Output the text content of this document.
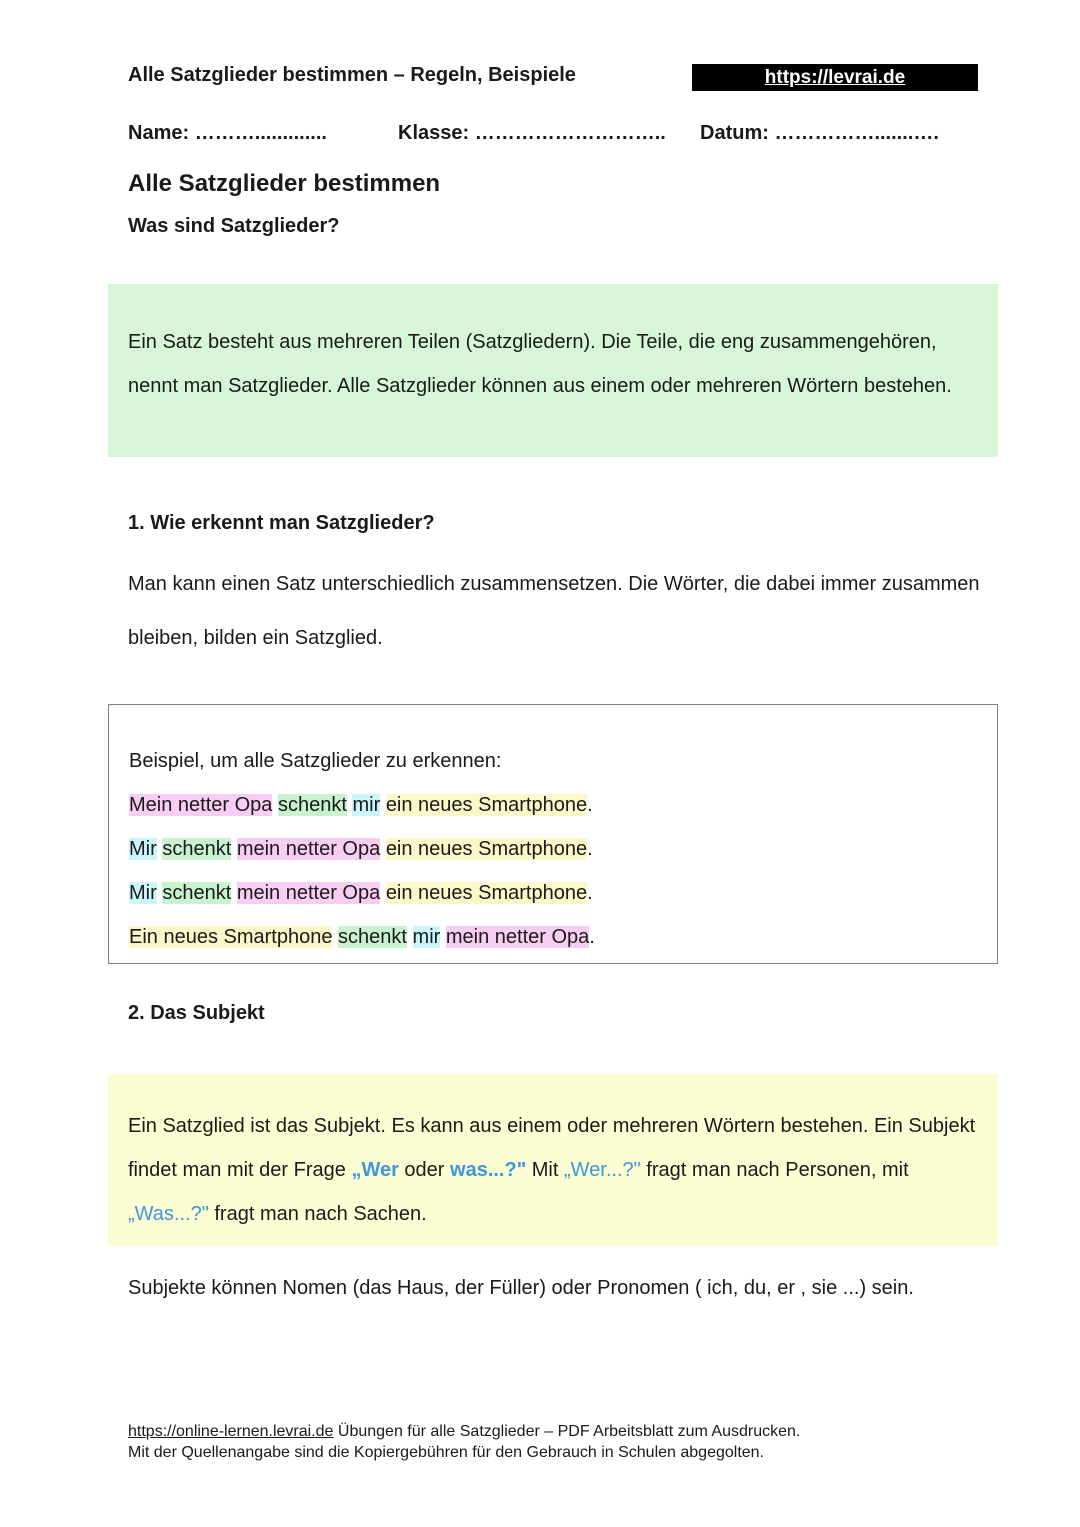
Alle Satzglieder bestimmen – Regeln, Beispiele	https://levrai.de
Name: ……….............	Klasse: ……………………….. Datum: …………….......….
Alle Satzglieder bestimmen
Was sind Satzglieder?

Ein Satz besteht aus mehreren Teilen (Satzgliedern). Die Teile, die eng zusammengehören, nennt man Satzglieder. Alle Satzglieder können aus einem oder mehreren Wörtern bestehen.

1. Wie erkennt man Satzglieder?

Man kann einen Satz unterschiedlich zusammensetzen. Die Wörter, die dabei immer zusammen bleiben, bilden ein Satzglied.

Beispiel, um alle Satzglieder zu erkennen:
Mein netter Opa schenkt mir ein neues Smartphone.
Mir schenkt mein netter Opa ein neues Smartphone.
Mir schenkt mein netter Opa ein neues Smartphone.
Ein neues Smartphone schenkt mir mein netter Opa.
2. Das Subjekt

Ein Satzglied ist das Subjekt. Es kann aus einem oder mehreren Wörtern bestehen. Ein Subjekt findet man mit der Frage „Wer oder was...?" Mit „Wer...?" fragt man nach Personen, mit „Was...?" fragt man nach Sachen.

Subjekte können Nomen (das Haus, der Füller) oder Pronomen ( ich, du, er , sie ...) sein.

https://online-lernen.levrai.de Übungen für alle Satzglieder – PDF Arbeitsblatt zum Ausdrucken.
Mit der Quellenangabe sind die Kopiergebühren für den Gebrauch in Schulen abgegolten.
